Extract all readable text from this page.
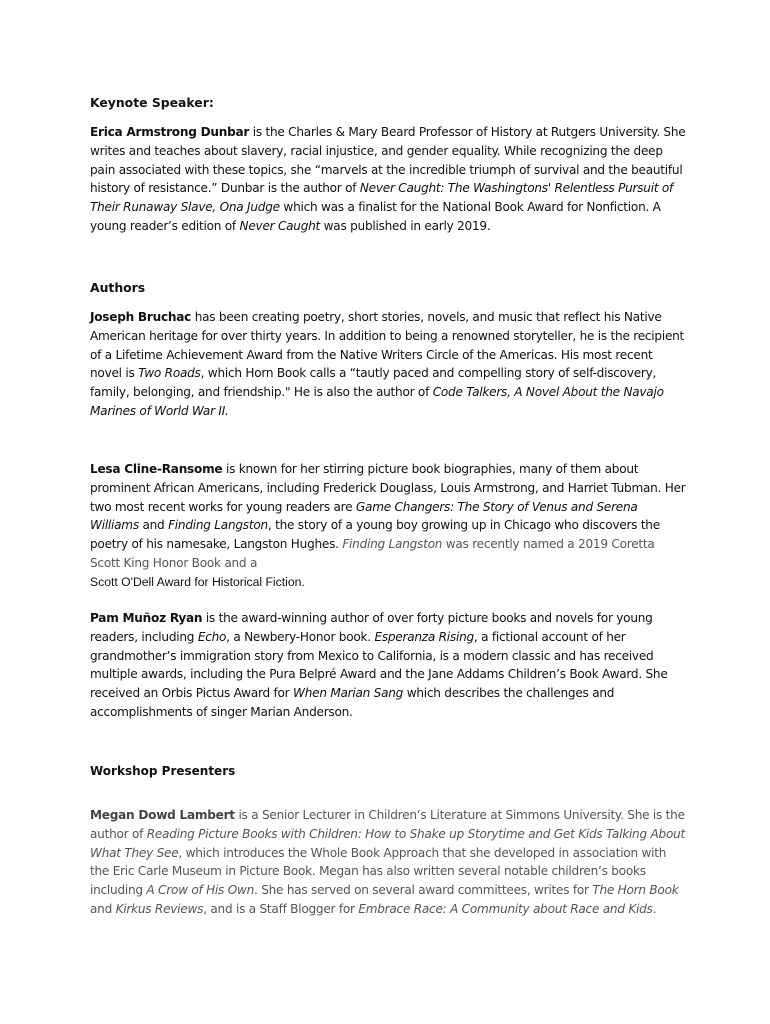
Keynote Speaker:

Erica Armstrong Dunbar is the Charles & Mary Beard Professor of History at Rutgers University. She writes and teaches about slavery, racial injustice, and gender equality. While recognizing the deep pain associated with these topics, she “marvels at the incredible triumph of survival and the beautiful history of resistance.” Dunbar is the author of Never Caught: The Washingtons' Relentless Pursuit of Their Runaway Slave, Ona Judge which was a finalist for the National Book Award for Nonfiction. A young reader’s edition of Never Caught was published in early 2019.

Authors

Joseph Bruchac has been creating poetry, short stories, novels, and music that reflect his Native American heritage for over thirty years. In addition to being a renowned storyteller, he is the recipient of a Lifetime Achievement Award from the Native Writers Circle of the Americas. His most recent novel is Two Roads, which Horn Book calls a “tautly paced and compelling story of self-discovery, family, belonging, and friendship." He is also the author of Code Talkers, A Novel About the Navajo Marines of World War II.

Lesa Cline-Ransome is known for her stirring picture book biographies, many of them about prominent African Americans, including Frederick Douglass, Louis Armstrong, and Harriet Tubman. Her two most recent works for young readers are Game Changers: The Story of Venus and Serena Williams and Finding Langston, the story of a young boy growing up in Chicago who discovers the poetry of his namesake, Langston Hughes. Finding Langston was recently named a 2019 Coretta Scott King Honor Book and a
Scott O'Dell Award for Historical Fiction.

Pam Muñoz Ryan is the award-winning author of over forty picture books and novels for young readers, including Echo, a Newbery-Honor book. Esperanza Rising, a fictional account of her grandmother’s immigration story from Mexico to California, is a modern classic and has received multiple awards, including the Pura Belpré Award and the Jane Addams Children’s Book Award. She received an Orbis Pictus Award for When Marian Sang which describes the challenges and accomplishments of singer Marian Anderson.

Workshop Presenters

Megan Dowd Lambert is a Senior Lecturer in Children’s Literature at Simmons University. She is the author of Reading Picture Books with Children: How to Shake up Storytime and Get Kids Talking About What They See, which introduces the Whole Book Approach that she developed in association with the Eric Carle Museum in Picture Book. Megan has also written several notable children’s books including A Crow of His Own. She has served on several award committees, writes for The Horn Book and Kirkus Reviews, and is a Staff Blogger for Embrace Race: A Community about Race and Kids.
